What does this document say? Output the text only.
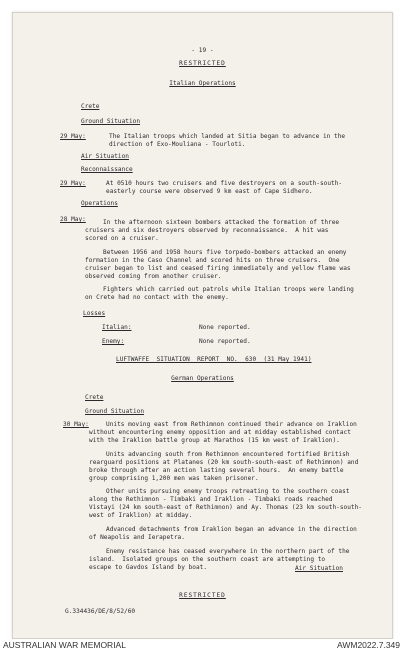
- 19 -
RESTRICTED
Italian Operations
Crete
Ground Situation
29 May:	The Italian troops which landed at Sitia began to advance in the
direction of Exo-Mouliana - Tourloti.
Air Situation
Reconnaissance
29 May:	At 0510 hours two cruisers and five destroyers on a south-south-
easterly course were observed 9 km east of Cape Sidhero.
Operations
28 May:	In the afternoon sixteen bombers attacked the formation of three
cruisers and six destroyers observed by reconnaissance.  A hit was
scored on a cruiser.
Between 1956 and 1958 hours five torpedo-bombers attacked an enemy
formation in the Caso Channel and scored hits on three cruisers.  One
cruiser began to list and ceased firing immediately and yellow flame was
observed coming from another cruiser.
Fighters which carried out patrols while Italian troops were landing
on Crete had no contact with the enemy.
Losses
Italian:	None reported.
Enemy:	None reported.
LUFTWAFFE  SITUATION  REPORT  NO.  630  (31 May 1941)
German Operations
Crete
Ground Situation
30 May:	Units moving east from Rethimnon continued their advance on Iraklion
without encountering enemy opposition and at midday established contact
with the Iraklion battle group at Marathos (15 km west of Iraklion).
Units advancing south from Rethimnon encountered fortified British
rearguard positions at Platanes (20 km south-south-east of Rethimnon) and
broke through after an action lasting several hours.  An enemy battle
group comprising 1,200 men was taken prisoner.
Other units pursuing enemy troops retreating to the southern coast
along the Rethimnon - Timbaki and Iraklion - Timbaki roads reached
Vistayi (24 km south-east of Rethimnon) and Ay. Thomas (23 km south-south-
west of Iraklion) at midday.
Advanced detachments from Iraklion began an advance in the direction
of Neapolis and Ierapetra.
Enemy resistance has ceased everywhere in the northern part of the
island.  Isolated groups on the southern coast are attempting to
escape to Gavdos Island by boat.	Air Situation
RESTRICTED
G.334436/DE/8/52/60
AUSTRALIAN WAR MEMORIAL	AWM2022.7.349
